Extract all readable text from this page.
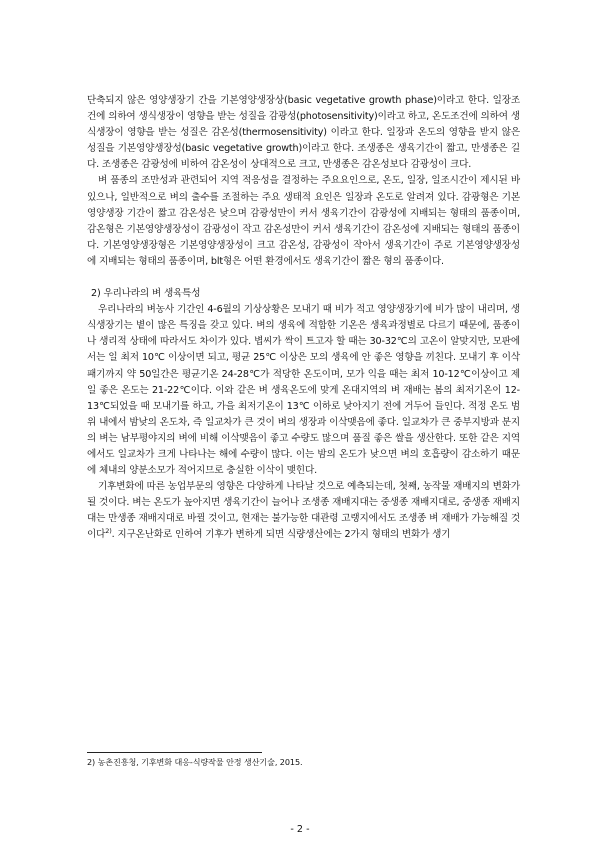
단축되지 않은 영양생장기 간을 기본영양생장상(basic vegetative growth phase)이라고 한다. 일장조건에 의하여 생식생장이 영향을 받는 성질을 감광성(photosensitivity)이라고 하고, 온도조건에 의하여 생식생장이 영향을 받는 성질은 감온성(thermosensitivity) 이라고 한다. 일장과 온도의 영향을 받지 않은 성질을 기본영양생장성(basic vegetative growth)이라고 한다. 조생종은 생육기간이 짧고, 만생종은 길다. 조생종은 감광성에 비하여 감온성이 상대적으로 크고, 만생종은 감온성보다 감광성이 크다.

벼 품종의 조만성과 관련되어 지역 적응성을 결정하는 주요요인으로, 온도, 일장, 일조시간이 제시된 바 있으나, 일반적으로 벼의 출수를 조절하는 주요 생태적 요인은 일장과 온도로 알려져 있다. 감광형은 기본영양생장 기간이 짧고 감온성은 낮으며 감광성만이 커서 생육기간이 감광성에 지배되는 형태의 품종이며, 감온형은 기본영양생장성이 감광성이 작고 감온성만이 커서 생육기간이 감온성에 지배되는 형태의 품종이다. 기본영양생장형은 기본영양생장성이 크고 감온성, 감광성이 작아서 생육기간이 주로 기본영양생장성에 지배되는 형태의 품종이며, blt형은 어떤 환경에서도 생육기간이 짧은 형의 품종이다.

2) 우리나라의 벼 생육특성

우리나라의 벼농사 기간인 4-6월의 기상상황은 모내기 때 비가 적고 영양생장기에 비가 많이 내리며, 생식생장기는 볕이 많은 특징을 갖고 있다. 벼의 생육에 적합한 기온은 생육과정별로 다르기 때문에, 품종이나 생리적 상태에 따라서도 차이가 있다. 볍씨가 싹이 트고자 할 때는 30-32℃의 고온이 알맞지만, 모판에서는 일 최저 10℃ 이상이면 되고, 평균 25℃ 이상은 모의 생육에 안 좋은 영향을 끼친다. 모내기 후 이삭 패기까지 약 50일간은 평균기온 24-28℃가 적당한 온도이며, 모가 익을 때는 최저 10-12℃이상이고 제일 좋은 온도는 21-22℃이다. 이와 같은 벼 생육온도에 맞게 온대지역의 벼 재배는 봄의 최저기온이 12-13℃되었을 때 모내기를 하고, 가을 최저기온이 13℃ 이하로 낮아지기 전에 거두어 들인다. 적정 온도 범위 내에서 밤낮의 온도차, 즉 일교차가 큰 것이 벼의 생장과 이삭맺음에 좋다. 일교차가 큰 중부지방과 분지의 벼는 남부평야지의 벼에 비해 이삭맺음이 좋고 수량도 많으며 품질 좋은 쌀을 생산한다. 또한 같은 지역에서도 일교차가 크게 나타나는 해에 수량이 많다. 이는 밤의 온도가 낮으면 벼의 호흡량이 감소하기 때문에 체내의 양분소모가 적어지므로 충실한 이삭이 맺힌다.

기후변화에 따른 농업부문의 영향은 다양하게 나타날 것으로 예측되는데, 첫째, 농작물 재배지의 변화가 될 것이다. 벼는 온도가 높아지면 생육기간이 늘어나 조생종 재배지대는 중생종 재배지대로, 중생종 재배지대는 만생종 재배지대로 바뀔 것이고, 현재는 불가능한 대관령 고랭지에서도 조생종 벼 재배가 가능해질 것이다$^{2)}$. 지구온난화로 인하여 기후가 변하게 되면 식량생산에는 2가지 형태의 변화가 생기

2) 농촌진흥청, 기후변화 대응-식량작물 안정 생산기술, 2015.
- 2 -
